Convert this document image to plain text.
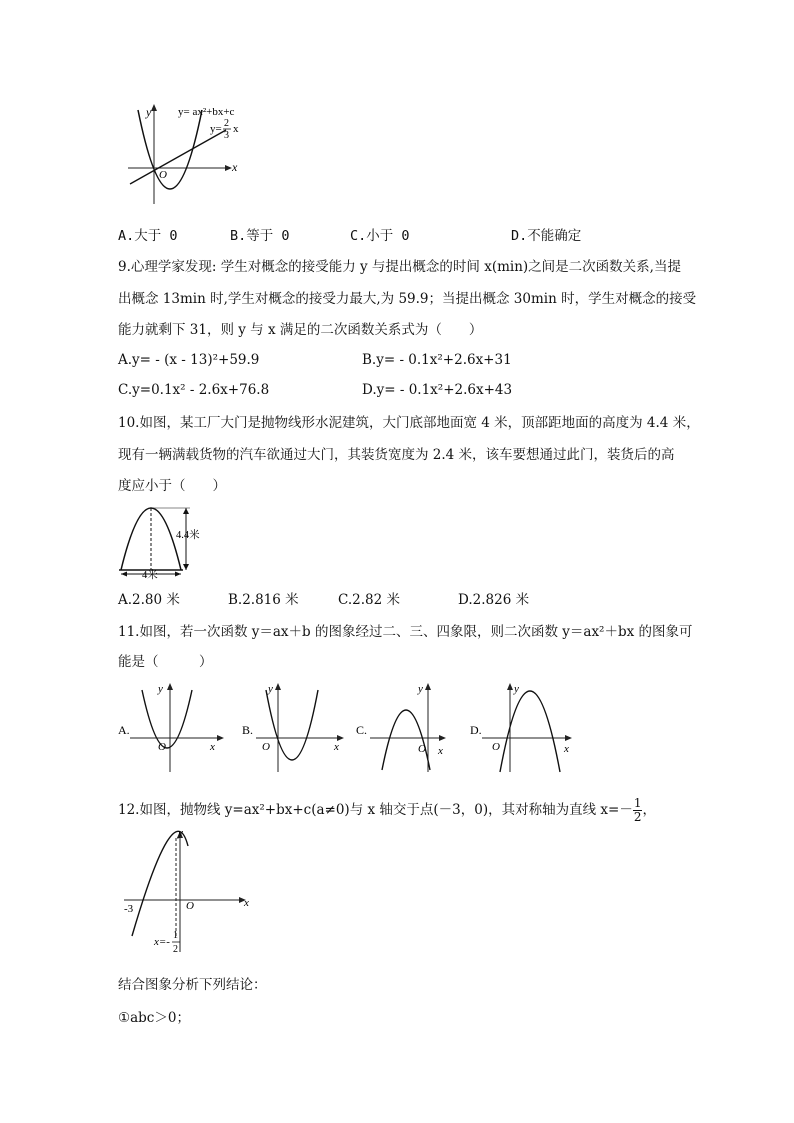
y
x
O
y= ax²+bx+c
y= 2
3
x
A.大于 0	B.等于 0	C.小于 0	D.不能确定
9.心理学家发现: 学生对概念的接受能力 y 与提出概念的时间 x(min)之间是二次函数关系,当提
出概念 13min 时,学生对概念的接受力最大,为 59.9；当提出概念 30min 时，学生对概念的接受
能力就剩下 31，则 y 与 x 满足的二次函数关系式为（　　）
A.y= - (x - 13)²+59.9	B.y= - 0.1x²+2.6x+31
C.y=0.1x² - 2.6x+76.8	D.y= - 0.1x²+2.6x+43
10.如图，某工厂大门是抛物线形水泥建筑，大门底部地面宽 4 米，顶部距地面的高度为 4.4 米，
现有一辆满载货物的汽车欲通过大门，其装货宽度为 2.4 米，该车要想通过此门，装货后的高
度应小于（　　）
4.4米
4米
A.2.80 米	B.2.816 米	C.2.82 米	D.2.826 米
11.如图，若一次函数 y＝ax＋b 的图象经过二、三、四象限，则二次函数 y＝ax²＋bx 的图象可
能是（　　　）
A.
y
x
O
B.
y
x
O
C.
y
x
O
D.
y
x
O
12.如图，抛物线 y=ax²+bx+c(a≠0)与 x 轴交于点(－3，0)，其对称轴为直线 $x=- \frac{1}{2}$ ，
-3	O	x
y
x=-
1
2
结合图象分析下列结论：
①abc＞0；
